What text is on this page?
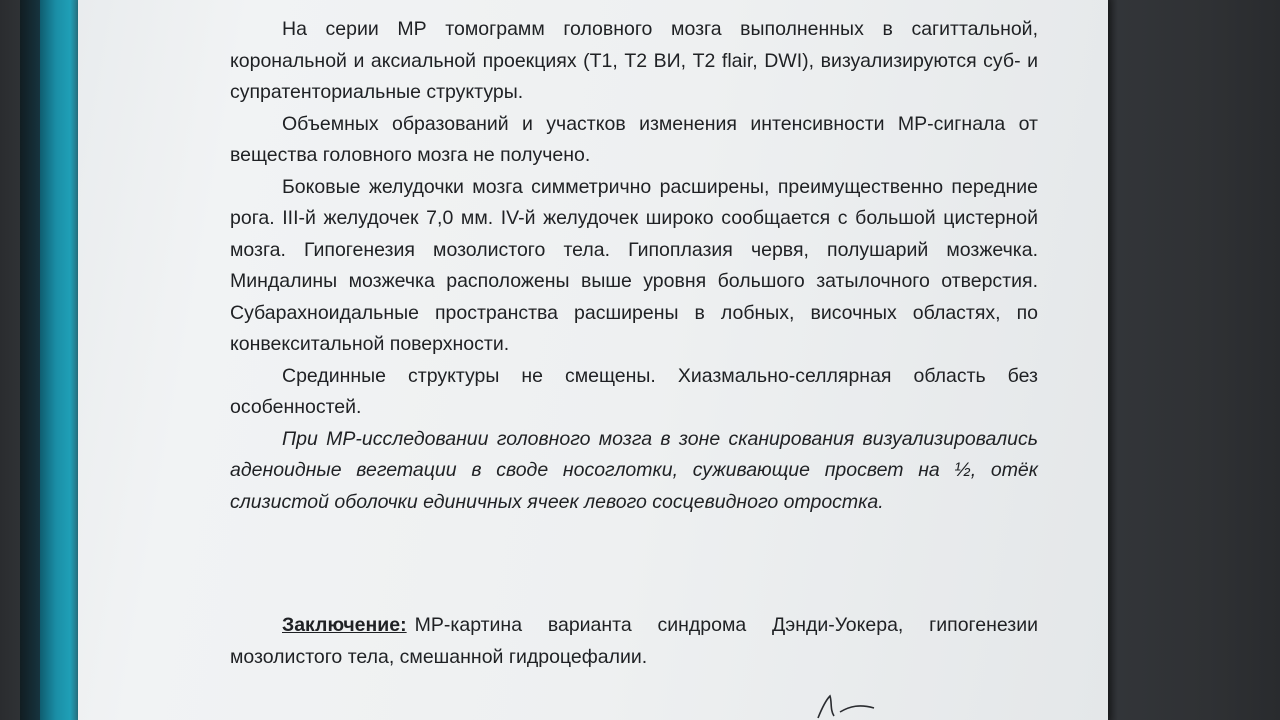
На серии МР томограмм головного мозга выполненных в сагиттальной, корональной и аксиальной проекциях (Т1, Т2 ВИ, Т2 flair, DWI), визуализируются суб- и супратенториальные структуры.

Объемных образований и участков изменения интенсивности МР-сигнала от вещества головного мозга не получено.

Боковые желудочки мозга симметрично расширены, преимущественно передние рога. III-й желудочек 7,0 мм. IV-й желудочек широко сообщается с большой цистерной мозга. Гипогенезия мозолистого тела. Гипоплазия червя, полушарий мозжечка. Миндалины мозжечка расположены выше уровня большого затылочного отверстия. Субарахноидальные пространства расширены в лобных, височных областях, по конвекситальной поверхности.

Срединные структуры не смещены. Хиазмально-селлярная область без особенностей.

При МР-исследовании головного мозга в зоне сканирования визуализировались аденоидные вегетации в своде носоглотки, суживающие просвет на ½, отёк слизистой оболочки единичных ячеек левого сосцевидного отростка.

Заключение: МР-картина варианта синдрома Дэнди-Уокера, гипогенезии мозолистого тела, смешанной гидроцефалии.
